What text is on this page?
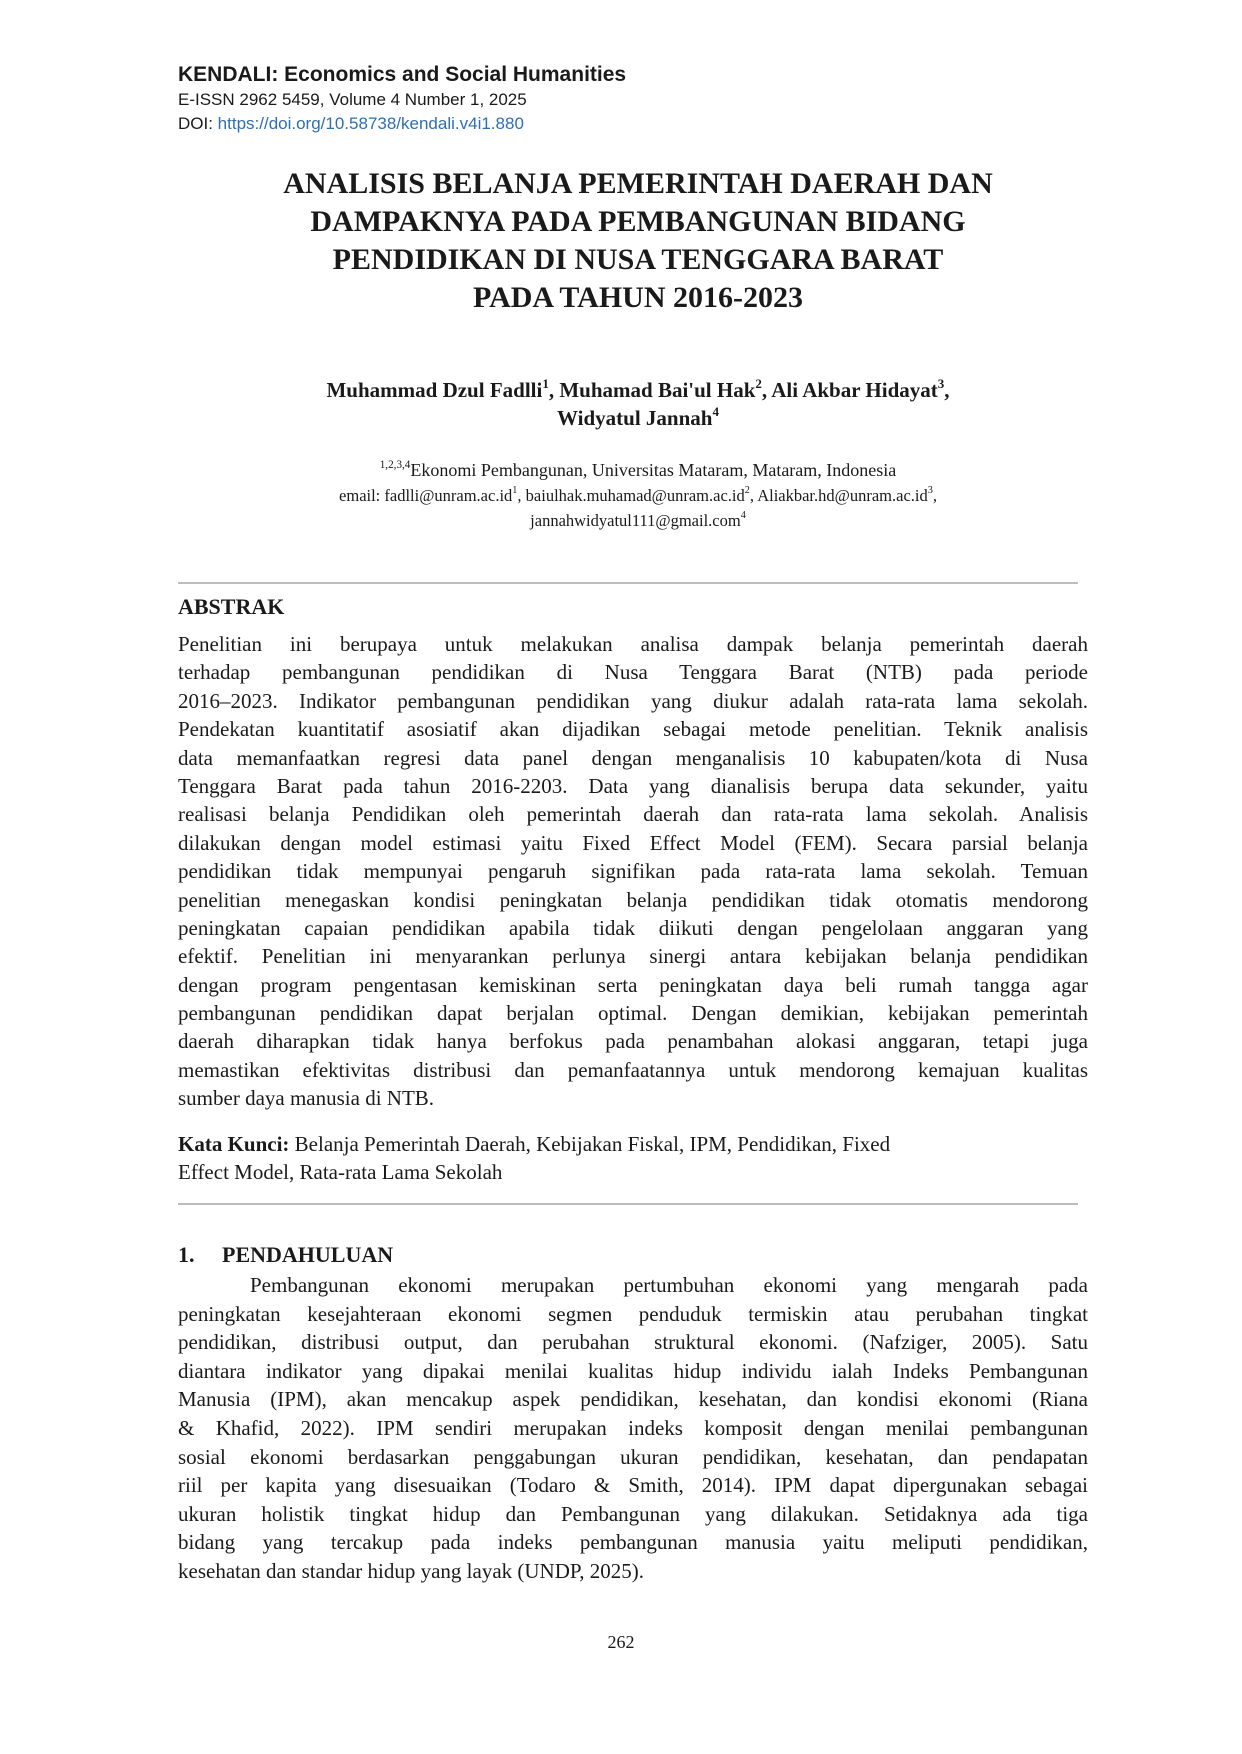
KENDALI: Economics and Social Humanities
E-ISSN 2962 5459, Volume 4 Number 1, 2025
DOI: https://doi.org/10.58738/kendali.v4i1.880
ANALISIS BELANJA PEMERINTAH DAERAH DAN
DAMPAKNYA PADA PEMBANGUNAN BIDANG
PENDIDIKAN DI NUSA TENGGARA BARAT
PADA TAHUN 2016-2023
Muhammad Dzul Fadlli$^1$, Muhamad Bai'ul Hak$^2$, Ali Akbar Hidayat$^3$,
Widyatul Jannah$^4$
$^{1,2,3,4}$Ekonomi Pembangunan, Universitas Mataram, Mataram, Indonesia
email: $fadlli@unram.ac.id^1$, $baiulhak.muhamad@unram.ac.id^2$, $Aliakbar.hd@unram.ac.id^3$,
jannahwidyatul111@gmail.com$^4$
ABSTRAK
Penelitian ini berupaya untuk melakukan analisa dampak belanja pemerintah daerah
terhadap pembangunan pendidikan di Nusa Tenggara Barat (NTB) pada periode
2016–2023. Indikator pembangunan pendidikan yang diukur adalah rata-rata lama sekolah.
Pendekatan kuantitatif asosiatif akan dijadikan sebagai metode penelitian. Teknik analisis
data memanfaatkan regresi data panel dengan menganalisis 10 kabupaten/kota di Nusa
Tenggara Barat pada tahun 2016-2203. Data yang dianalisis berupa data sekunder, yaitu
realisasi belanja Pendidikan oleh pemerintah daerah dan rata-rata lama sekolah. Analisis
dilakukan dengan model estimasi yaitu Fixed Effect Model (FEM). Secara parsial belanja
pendidikan tidak mempunyai pengaruh signifikan pada rata-rata lama sekolah. Temuan
penelitian menegaskan kondisi peningkatan belanja pendidikan tidak otomatis mendorong
peningkatan capaian pendidikan apabila tidak diikuti dengan pengelolaan anggaran yang
efektif. Penelitian ini menyarankan perlunya sinergi antara kebijakan belanja pendidikan
dengan program pengentasan kemiskinan serta peningkatan daya beli rumah tangga agar
pembangunan pendidikan dapat berjalan optimal. Dengan demikian, kebijakan pemerintah
daerah diharapkan tidak hanya berfokus pada penambahan alokasi anggaran, tetapi juga
memastikan efektivitas distribusi dan pemanfaatannya untuk mendorong kemajuan kualitas
sumber daya manusia di NTB.
Kata Kunci: Belanja Pemerintah Daerah, Kebijakan Fiskal, IPM, Pendidikan, Fixed
Effect Model, Rata-rata Lama Sekolah
1. PENDAHULUAN
Pembangunan ekonomi merupakan pertumbuhan ekonomi yang mengarah pada
peningkatan kesejahteraan ekonomi segmen penduduk termiskin atau perubahan tingkat
pendidikan, distribusi output, dan perubahan struktural ekonomi. (Nafziger, 2005). Satu
diantara indikator yang dipakai menilai kualitas hidup individu ialah Indeks Pembangunan
Manusia (IPM), akan mencakup aspek pendidikan, kesehatan, dan kondisi ekonomi (Riana
& Khafid, 2022). IPM sendiri merupakan indeks komposit dengan menilai pembangunan
sosial ekonomi berdasarkan penggabungan ukuran pendidikan, kesehatan, dan pendapatan
riil per kapita yang disesuaikan (Todaro & Smith, 2014). IPM dapat dipergunakan sebagai
ukuran holistik tingkat hidup dan Pembangunan yang dilakukan. Setidaknya ada tiga
bidang yang tercakup pada indeks pembangunan manusia yaitu meliputi pendidikan,
kesehatan dan standar hidup yang layak (UNDP, 2025).
262
